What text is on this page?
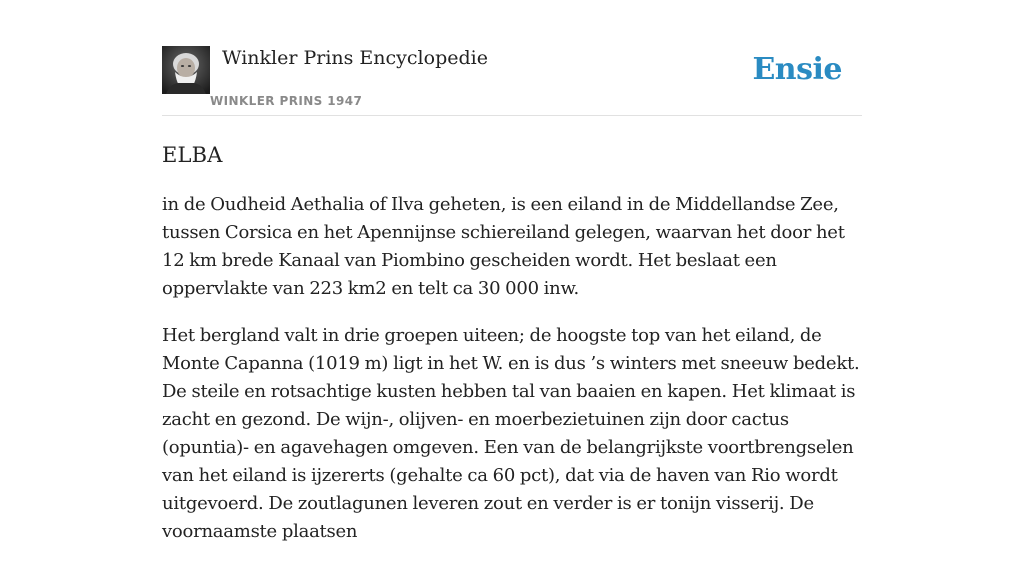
Winkler Prins Encyclopedie
WINKLER PRINS 1947
Ensie
ELBA

in de Oudheid Aethalia of Ilva geheten, is een eiland in de Middellandse Zee, tussen Corsica en het Apennijnse schiereiland gelegen, waarvan het door het 12 km brede Kanaal van Piombino gescheiden wordt. Het beslaat een oppervlakte van 223 km2 en telt ca 30 000 inw.

Het bergland valt in drie groepen uiteen; de hoogste top van het eiland, de Monte Capanna (1019 m) ligt in het W. en is dus ’s winters met sneeuw bedekt. De steile en rotsachtige kusten hebben tal van baaien en kapen. Het klimaat is zacht en gezond. De wijn-, olijven- en moerbezietuinen zijn door cactus (opuntia)- en agavehagen omgeven. Een van de belangrijkste voortbrengselen van het eiland is ijzererts (gehalte ca 60 pct), dat via de haven van Rio wordt uitgevoerd. De zoutlagunen leveren zout en verder is er tonijn visserij. De voornaamste plaatsen
